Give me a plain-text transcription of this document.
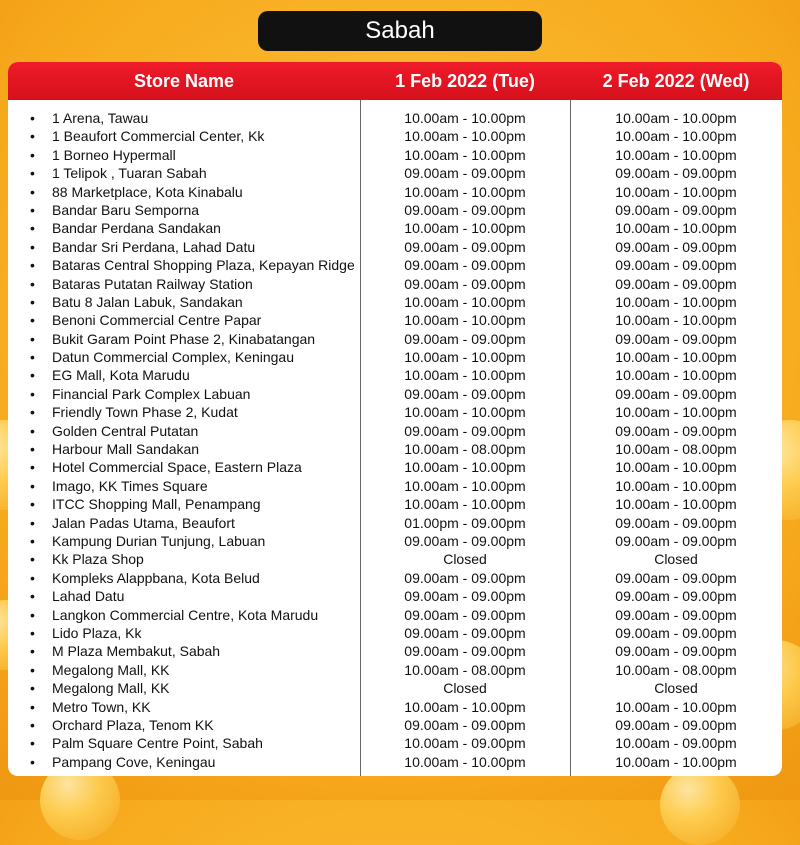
Sabah
Store Name	1 Feb 2022 (Tue)	2 Feb 2022 (Wed)
• 1 Arena, Tawau	10.00am - 10.00pm	10.00am - 10.00pm
• 1 Beaufort Commercial Center, Kk	10.00am - 10.00pm	10.00am - 10.00pm
• 1 Borneo Hypermall	10.00am - 10.00pm	10.00am - 10.00pm
• 1 Telipok , Tuaran Sabah	09.00am - 09.00pm	09.00am - 09.00pm
• 88 Marketplace, Kota Kinabalu	10.00am - 10.00pm	10.00am - 10.00pm
• Bandar Baru Semporna	09.00am - 09.00pm	09.00am - 09.00pm
• Bandar Perdana Sandakan	10.00am - 10.00pm	10.00am - 10.00pm
• Bandar Sri Perdana, Lahad Datu	09.00am - 09.00pm	09.00am - 09.00pm
• Bataras Central Shopping Plaza, Kepayan Ridge	09.00am - 09.00pm	09.00am - 09.00pm
• Bataras Putatan Railway Station	09.00am - 09.00pm	09.00am - 09.00pm
• Batu 8 Jalan Labuk, Sandakan	10.00am - 10.00pm	10.00am - 10.00pm
• Benoni Commercial Centre Papar	10.00am - 10.00pm	10.00am - 10.00pm
• Bukit Garam Point Phase 2, Kinabatangan	09.00am - 09.00pm	09.00am - 09.00pm
• Datun Commercial Complex, Keningau	10.00am - 10.00pm	10.00am - 10.00pm
• EG Mall, Kota Marudu	10.00am - 10.00pm	10.00am - 10.00pm
• Financial Park Complex Labuan	09.00am - 09.00pm	09.00am - 09.00pm
• Friendly Town Phase 2, Kudat	10.00am - 10.00pm	10.00am - 10.00pm
• Golden Central Putatan	09.00am - 09.00pm	09.00am - 09.00pm
• Harbour Mall Sandakan	10.00am - 08.00pm	10.00am - 08.00pm
• Hotel Commercial Space, Eastern Plaza	10.00am - 10.00pm	10.00am - 10.00pm
• Imago, KK Times Square	10.00am - 10.00pm	10.00am - 10.00pm
• ITCC Shopping Mall, Penampang	10.00am - 10.00pm	10.00am - 10.00pm
• Jalan Padas Utama, Beaufort	01.00pm - 09.00pm	09.00am - 09.00pm
• Kampung Durian Tunjung, Labuan	09.00am - 09.00pm	09.00am - 09.00pm
• Kk Plaza Shop	Closed	Closed
• Kompleks Alappbana, Kota Belud	09.00am - 09.00pm	09.00am - 09.00pm
• Lahad Datu	09.00am - 09.00pm	09.00am - 09.00pm
• Langkon Commercial Centre, Kota Marudu	09.00am - 09.00pm	09.00am - 09.00pm
• Lido Plaza, Kk	09.00am - 09.00pm	09.00am - 09.00pm
• M Plaza Membakut, Sabah	09.00am - 09.00pm	09.00am - 09.00pm
• Megalong Mall, KK	10.00am - 08.00pm	10.00am - 08.00pm
• Megalong Mall, KK	Closed	Closed
• Metro Town, KK	10.00am - 10.00pm	10.00am - 10.00pm
• Orchard Plaza, Tenom KK	09.00am - 09.00pm	09.00am - 09.00pm
• Palm Square Centre Point, Sabah	10.00am - 09.00pm	10.00am - 09.00pm
• Pampang Cove, Keningau	10.00am - 10.00pm	10.00am - 10.00pm
